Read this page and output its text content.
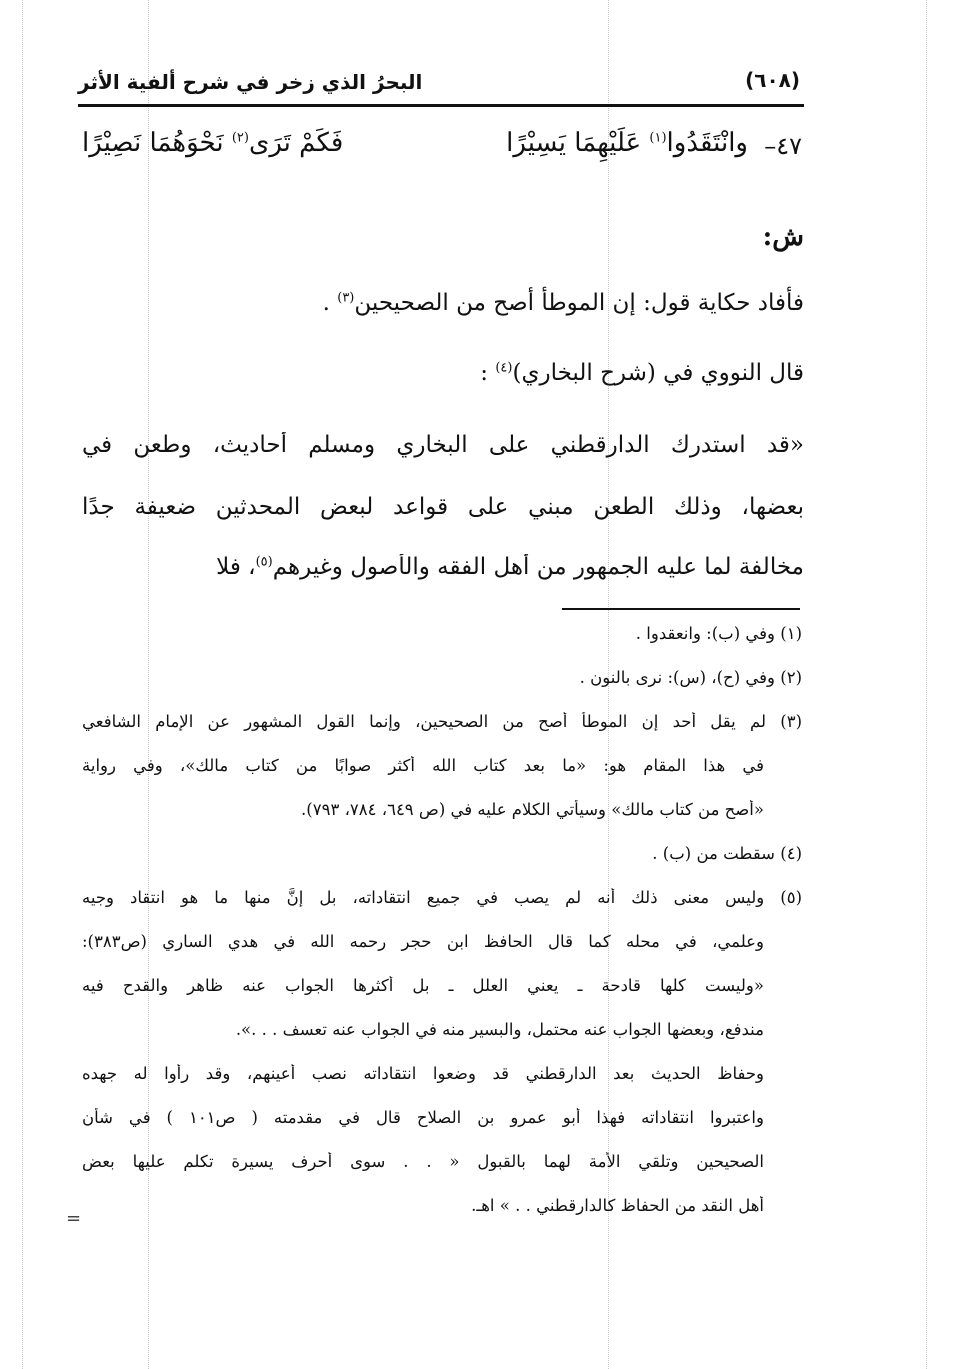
البحرُ الذي زخر في شرح ألفية الأثر	(٦٠٨)
٤٧–
وانْتَقَدُوا$^{(١)}$ عَلَيْهِمَا يَسِيْرًا
فَكَمْ تَرَى$^{(٢)}$ نَحْوَهُمَا نَصِيْرًا
ش:
فأفاد حكاية قول: إن الموطأ أصح من الصحيحين$^{(٣)}$ .
قال النووي في (شرح البخاري)$^{(٤)}$ :
«قد استدرك الدارقطني على البخاري ومسلم أحاديث، وطعن في
بعضها، وذلك الطعن مبني على قواعد لبعض المحدثين ضعيفة جدًا
مخالفة لما عليه الجمهور من أهل الفقه والأصول وغيرهم$^{(٥)}$، فلا
(١) وفي (ب): وانعقدوا .
(٢) وفي (ح)، (س): نرى بالنون .
(٣) لم يقل أحد إن الموطأ أصح من الصحيحين، وإنما القول المشهور عن الإمام الشافعي
في هذا المقام هو: «ما بعد كتاب الله أكثر صوابًا من كتاب مالك»، وفي رواية
«أصح من كتاب مالك» وسيأتي الكلام عليه في (ص ٦٤٩، ٧٨٤، ٧٩٣).
(٤) سقطت من (ب) .
(٥) وليس معنى ذلك أنه لم يصب في جميع انتقاداته، بل إنَّ منها ما هو انتقاد وجيه
وعلمي، في محله كما قال الحافظ ابن حجر رحمه الله في هدي الساري (ص٣٨٣):
«وليست كلها قادحة ـ يعني العلل ـ بل أكثرها الجواب عنه ظاهر والقدح فيه
مندفع، وبعضها الجواب عنه محتمل، والبسير منه في الجواب عنه تعسف . . .».
وحفاظ الحديث بعد الدارقطني قد وضعوا انتقاداته نصب أعينهم، وقد رأوا له جهده
واعتبروا انتقاداته فهذا أبو عمرو بن الصلاح قال في مقدمته ( ص١٠١ ) في شأن
الصحيحين وتلقي الأمة لهما بالقبول « . . سوى أحرف يسيرة تكلم عليها بعض
أهل النقد من الحفاظ كالدارقطني . . » اهـ.
=
